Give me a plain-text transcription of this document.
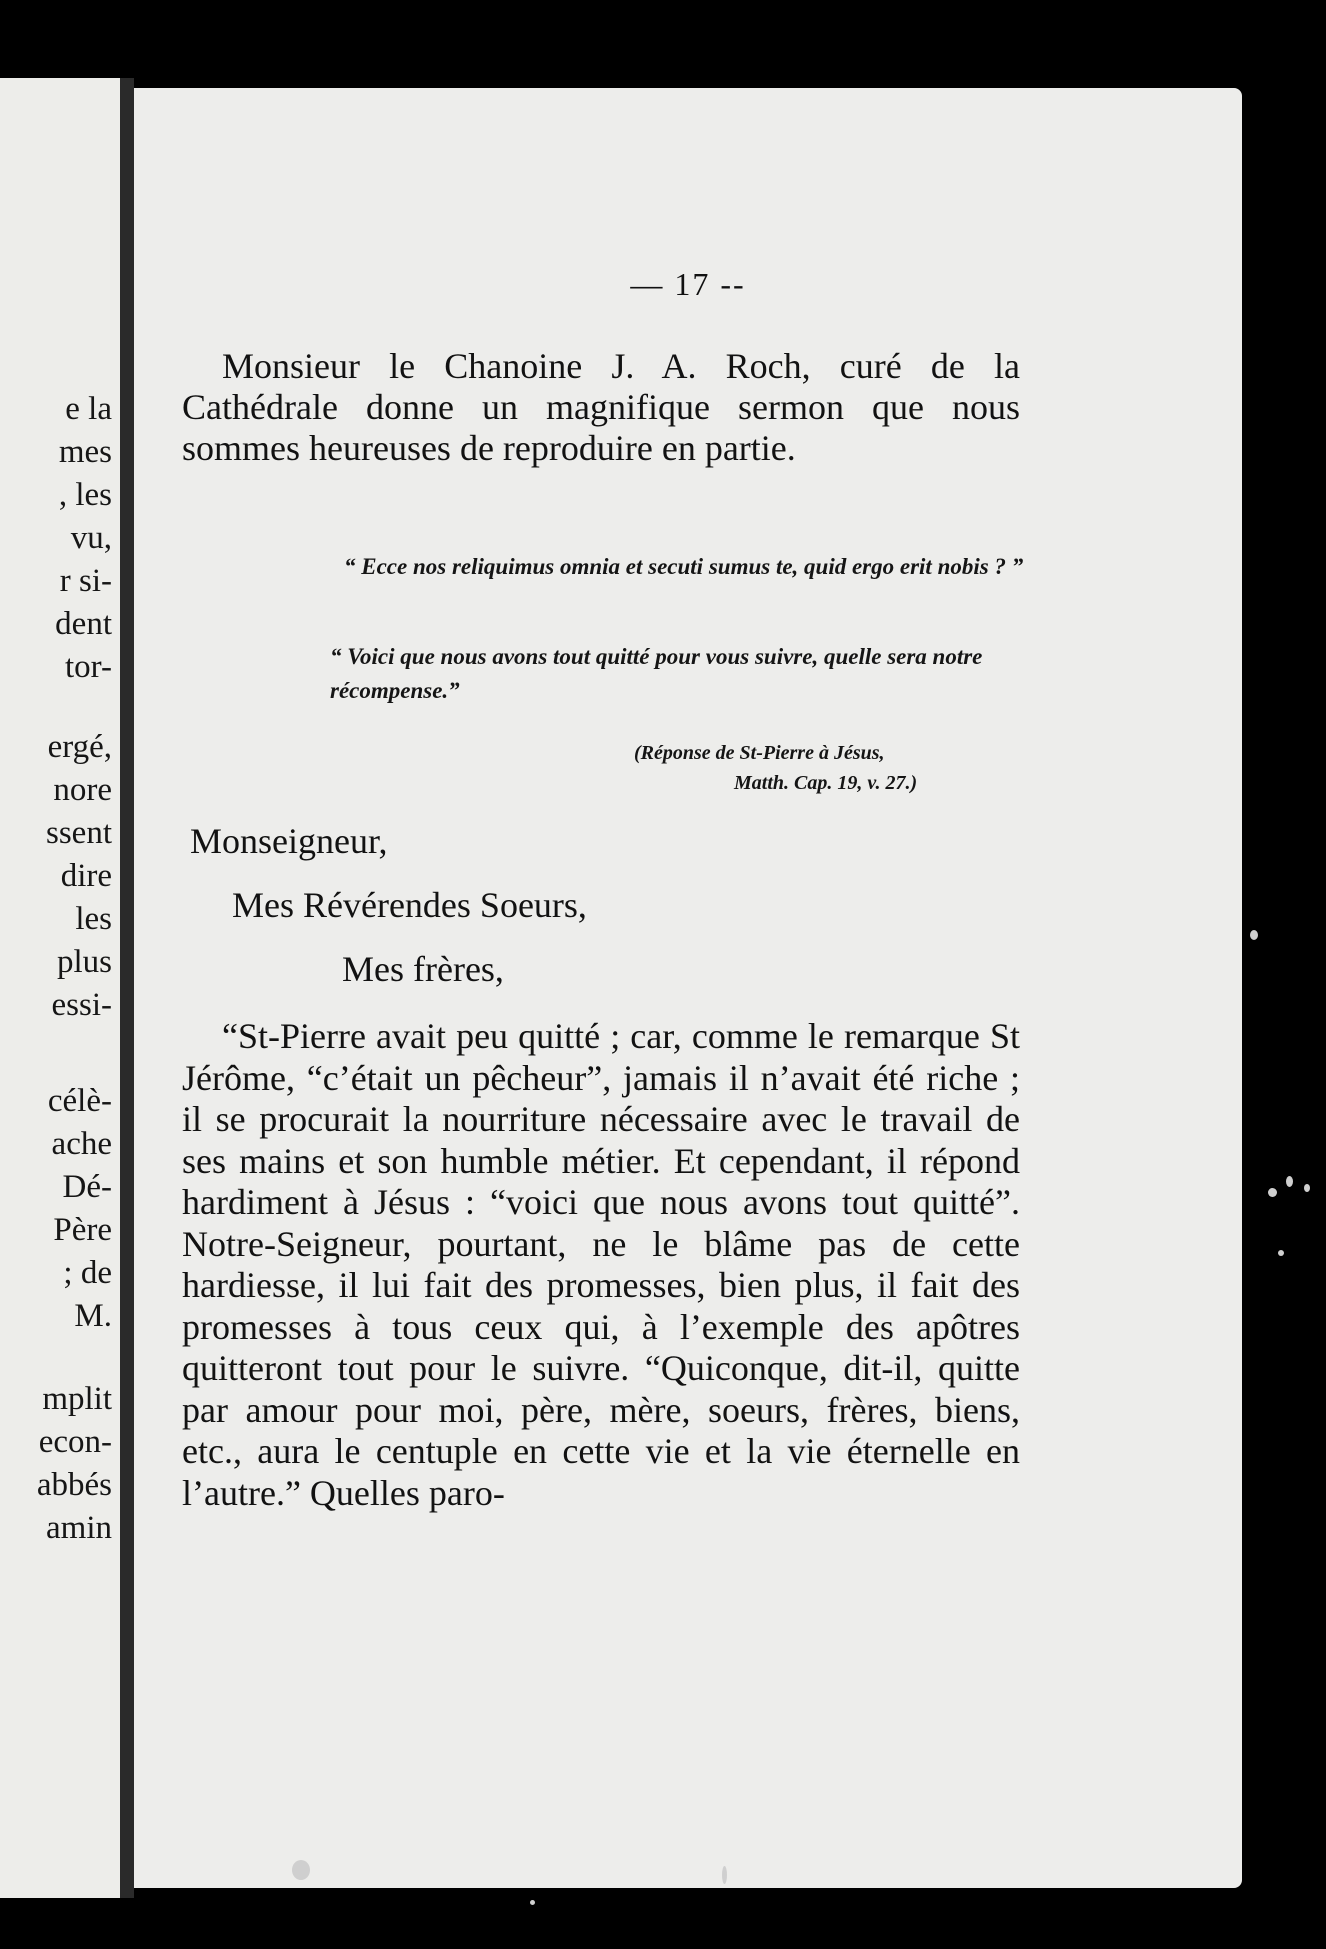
e la
mes
, les
vu,
r si-
dent
tor-
ergé,
nore
ssent
dire
les
plus
essi-
célè-
ache
Dé-
Père
; de
M.
mplit
econ-
abbés
amin
— 17 --
Monsieur le Chanoine J. A. Roch, curé de la Cathédrale donne un magnifique sermon que nous sommes heureuses de reproduire en partie.
“ Ecce nos reliquimus omnia et secuti sumus te, quid ergo erit nobis ? ”
“ Voici que nous avons tout quitté pour vous suivre, quelle sera notre récompense.”
(Réponse de St-Pierre à Jésus,
Matth. Cap. 19, v. 27.)
Monseigneur,
Mes Révérendes Soeurs,
Mes frères,
“St-Pierre avait peu quitté ; car, comme le remarque St Jérôme, “c’était un pêcheur”, jamais il n’avait été riche ; il se procurait la nourriture nécessaire avec le travail de ses mains et son humble métier. Et cependant, il répond hardiment à Jésus : “voici que nous avons tout quitté”. Notre-Seigneur, pourtant, ne le blâme pas de cette hardiesse, il lui fait des promesses, bien plus, il fait des promesses à tous ceux qui, à l’exemple des apôtres quitteront tout pour le suivre. “Quiconque, dit-il, quitte par amour pour moi, père, mère, soeurs, frères, biens, etc., aura le centuple en cette vie et la vie éternelle en l’autre.” Quelles paro-
